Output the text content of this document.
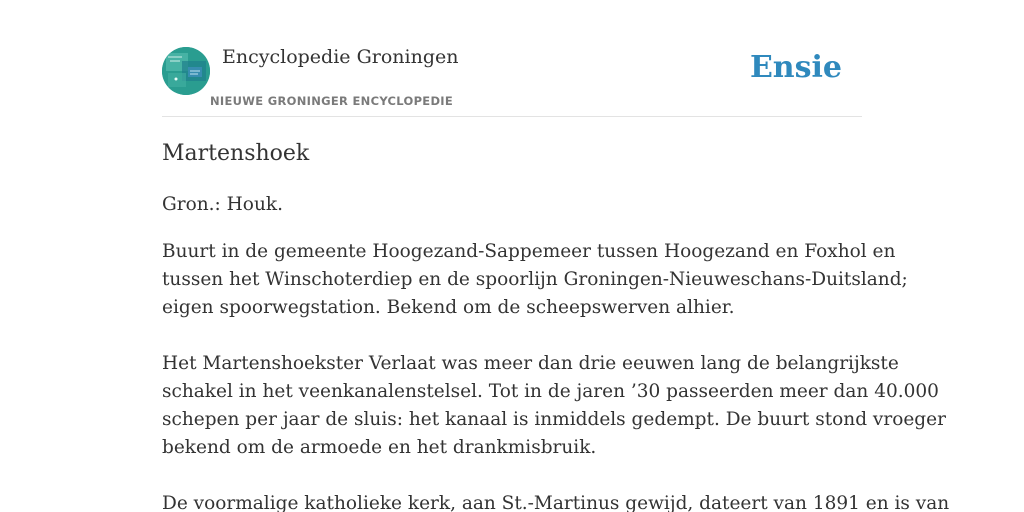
Encyclopedie Groningen
NIEUWE GRONINGER ENCYCLOPEDIE
Ensie
Martenshoek

Gron.: Houk.

Buurt in de gemeente Hoogezand-Sappemeer tussen Hoogezand en Foxhol en
tussen het Winschoterdiep en de spoorlijn Groningen-Nieuweschans-Duitsland;
eigen spoorwegstation. Bekend om de scheepswerven alhier.

Het Martenshoekster Verlaat was meer dan drie eeuwen lang de belangrijkste
schakel in het veenkanalenstelsel. Tot in de jaren ’30 passeerden meer dan 40.000
schepen per jaar de sluis: het kanaal is inmiddels gedempt. De buurt stond vroeger
bekend om de armoede en het drankmisbruik.

De voormalige katholieke kerk, aan St.-Martinus gewijd, dateert van 1891 en is van
